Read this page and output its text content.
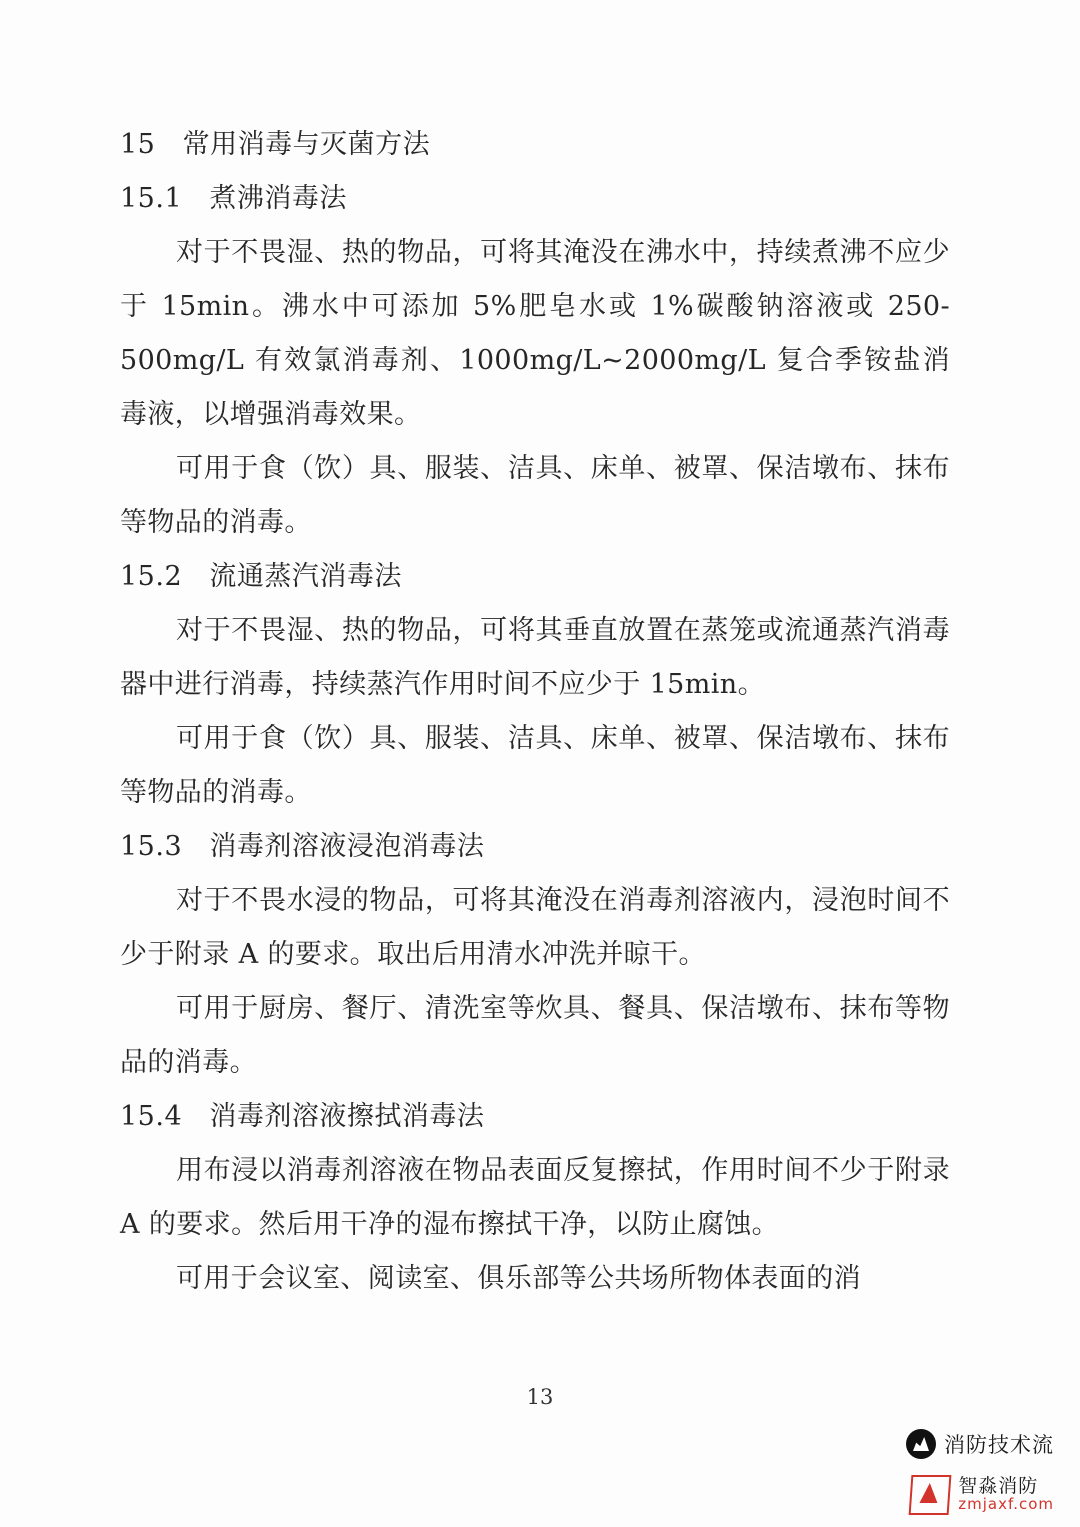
15   常用消毒与灭菌方法
15.1   煮沸消毒法
对于不畏湿、热的物品，可将其淹没在沸水中，持续煮沸不应少于 15min。沸水中可添加 5%肥皂水或 1%碳酸钠溶液或 250-500mg/L 有效氯消毒剂、1000mg/L~2000mg/L 复合季铵盐消毒液，以增强消毒效果。
可用于食（饮）具、服装、洁具、床单、被罩、保洁墩布、抹布等物品的消毒。
15.2   流通蒸汽消毒法
对于不畏湿、热的物品，可将其垂直放置在蒸笼或流通蒸汽消毒器中进行消毒，持续蒸汽作用时间不应少于 15min。
可用于食（饮）具、服装、洁具、床单、被罩、保洁墩布、抹布等物品的消毒。
15.3   消毒剂溶液浸泡消毒法
对于不畏水浸的物品，可将其淹没在消毒剂溶液内，浸泡时间不少于附录 A 的要求。取出后用清水冲洗并晾干。
可用于厨房、餐厅、清洗室等炊具、餐具、保洁墩布、抹布等物品的消毒。
15.4   消毒剂溶液擦拭消毒法
用布浸以消毒剂溶液在物品表面反复擦拭，作用时间不少于附录 A 的要求。然后用干净的湿布擦拭干净，以防止腐蚀。
可用于会议室、阅读室、俱乐部等公共场所物体表面的消
13
消防技术流
智淼消防
zmjaxf.com
